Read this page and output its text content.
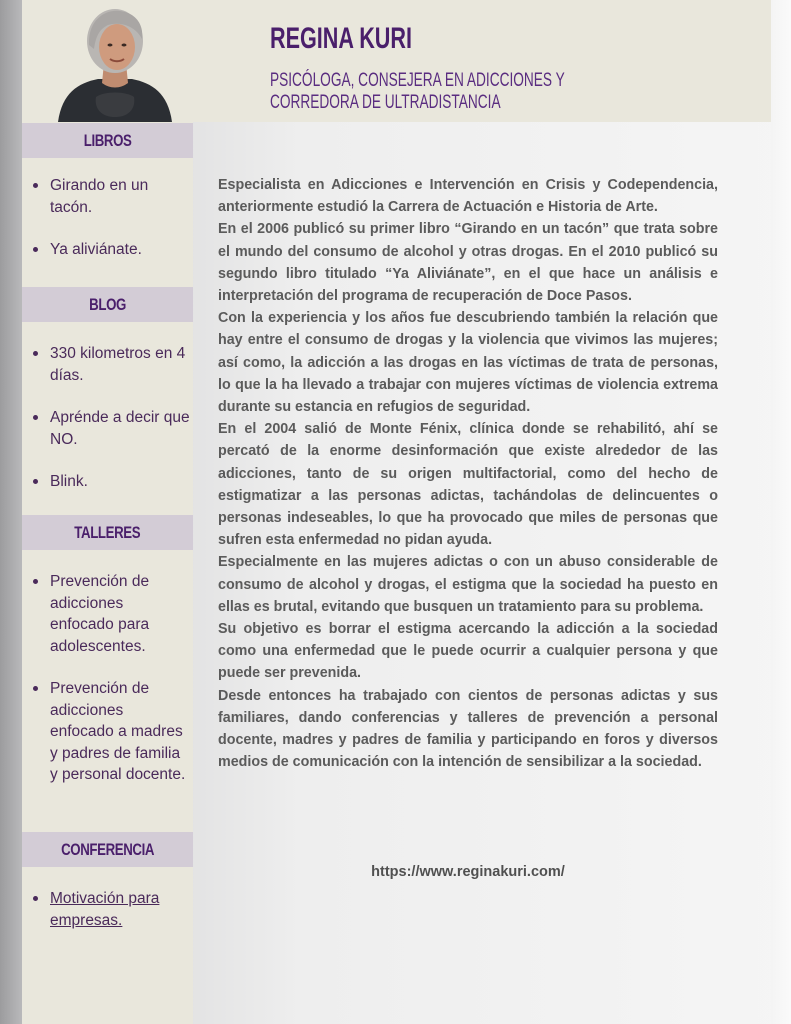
REGINA KURI
PSICÓLOGA, CONSEJERA EN ADICCIONES Y
CORREDORA DE ULTRADISTANCIA
LIBROS
Girando en un tacón.
Ya aliviánate.
BLOG
330 kilometros en 4 días.
Aprénde a decir que NO.
Blink.
TALLERES
Prevención de adicciones enfocado para adolescentes.
Prevención de adicciones enfocado a madres y padres de familia y personal docente.
CONFERENCIA
Motivación para empresas.

Especialista en Adicciones e Intervención en Crisis y Codependencia, anteriormente estudió la Carrera de Actuación e Historia de Arte.

En el 2006 publicó su primer libro “Girando en un tacón” que trata sobre el mundo del consumo de alcohol y otras drogas. En el 2010 publicó su segundo libro titulado “Ya Aliviánate”, en el que hace un análisis e interpretación del programa de recuperación de Doce Pasos.

Con la experiencia y los años fue descubriendo también la relación que hay entre el consumo de drogas y la violencia que vivimos las mujeres; así como, la adicción a las drogas en las víctimas de trata de personas, lo que la ha llevado a trabajar con mujeres víctimas de violencia extrema durante su estancia en refugios de seguridad.

En el 2004 salió de Monte Fénix, clínica donde se rehabilitó, ahí se percató de la enorme desinformación que existe alrededor de las adicciones, tanto de su origen multifactorial, como del hecho de estigmatizar a las personas adictas, tachándolas de delincuentes o personas indeseables, lo que ha provocado que miles de personas que sufren esta enfermedad no pidan ayuda.

Especialmente en las mujeres adictas o con un abuso considerable de consumo de alcohol y drogas, el estigma que la sociedad ha puesto en ellas es brutal, evitando que busquen un tratamiento para su problema.

Su objetivo es borrar el estigma acercando la adicción a la sociedad como una enfermedad que le puede ocurrir a cualquier persona y que puede ser prevenida.

Desde entonces ha trabajado con cientos de personas adictas y sus familiares, dando conferencias y talleres de prevención a personal docente, madres y padres de familia y participando en foros y diversos medios de comunicación con la intención de sensibilizar a la sociedad.

https://www.reginakuri.com/
